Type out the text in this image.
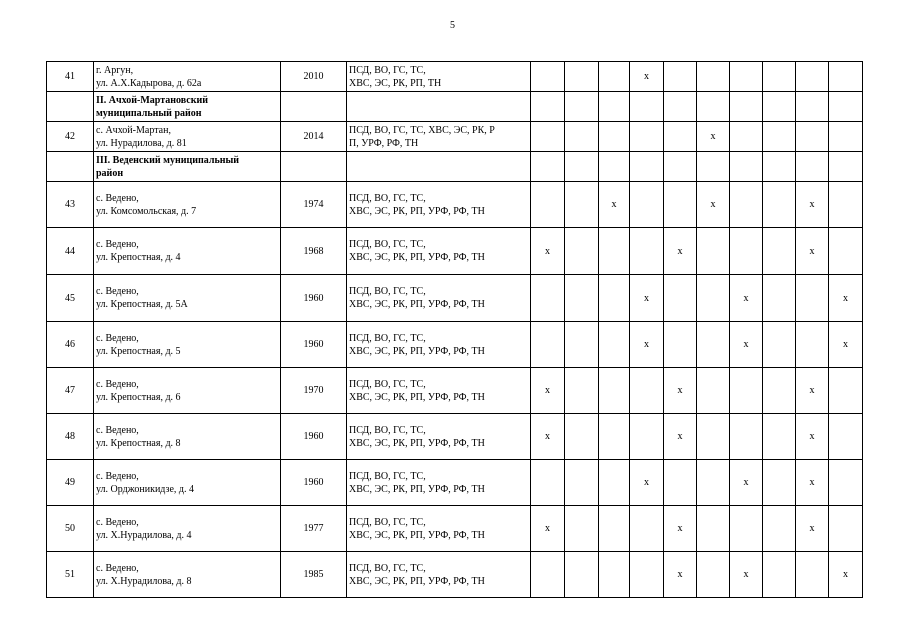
5
41	г. Аргун,
ул. А.Х.Кадырова, д. 62а	2010	ПСД, ВО, ГС, ТС,
ХВС, ЭС, РК, РП, ТН				х						

	II. Ачхой-Мартановский
муниципальный район												

42	с. Ачхой-Мартан,
ул. Нурадилова, д. 81	2014	ПСД, ВО, ГС, ТС, ХВС, ЭС, РК, Р
П, УРФ, РФ, ТН						х				

	III. Веденский муниципальный
район												

43	с. Ведено,
ул. Комсомольская, д. 7	1974	ПСД, ВО, ГС, ТС,
ХВС, ЭС, РК, РП, УРФ, РФ, ТН			х			х			х	
44	с. Ведено,
ул. Крепостная, д. 4	1968	ПСД, ВО, ГС, ТС,
ХВС, ЭС, РК, РП, УРФ, РФ, ТН	х				х				х	
45	с. Ведено,
ул. Крепостная, д. 5А	1960	ПСД, ВО, ГС, ТС,
ХВС, ЭС, РК, РП, УРФ, РФ, ТН				х			х			х
46	с. Ведено,
ул. Крепостная, д. 5	1960	ПСД, ВО, ГС, ТС,
ХВС, ЭС, РК, РП, УРФ, РФ, ТН				х			х			х
47	с. Ведено,
ул. Крепостная, д. 6	1970	ПСД, ВО, ГС, ТС,
ХВС, ЭС, РК, РП, УРФ, РФ, ТН	х				х				х	
48	с. Ведено,
ул. Крепостная, д. 8	1960	ПСД, ВО, ГС, ТС,
ХВС, ЭС, РК, РП, УРФ, РФ, ТН	х				х				х	
49	с. Ведено,
ул. Орджоникидзе, д. 4	1960	ПСД, ВО, ГС, ТС,
ХВС, ЭС, РК, РП, УРФ, РФ, ТН				х			х		х	
50	с. Ведено,
ул. Х.Нурадилова, д. 4	1977	ПСД, ВО, ГС, ТС,
ХВС, ЭС, РК, РП, УРФ, РФ, ТН	х				х				х	
51	с. Ведено,
ул. Х.Нурадилова, д. 8	1985	ПСД, ВО, ГС, ТС,
ХВС, ЭС, РК, РП, УРФ, РФ, ТН					х		х			х
